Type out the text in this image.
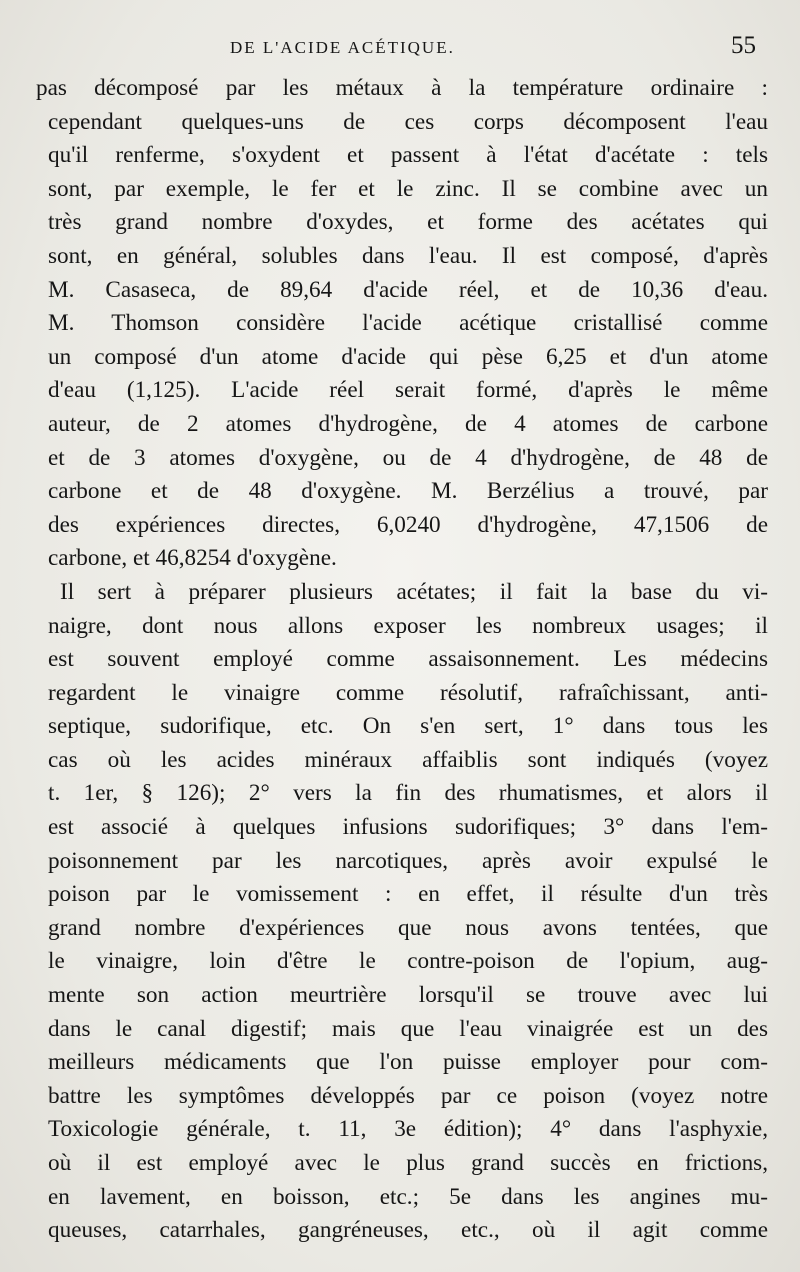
DE L'ACIDE ACÉTIQUE.	55
pas décomposé par les métaux à la température ordinaire :
cependant quelques-uns de ces corps décomposent l'eau
qu'il renferme, s'oxydent et passent à l'état d'acétate : tels
sont, par exemple, le fer et le zinc. Il se combine avec un
très grand nombre d'oxydes, et forme des acétates qui
sont, en général, solubles dans l'eau. Il est composé, d'après
M. Casaseca, de 89,64 d'acide réel, et de 10,36 d'eau.
M. Thomson considère l'acide acétique cristallisé comme
un composé d'un atome d'acide qui pèse 6,25 et d'un atome
d'eau (1,125). L'acide réel serait formé, d'après le même
auteur, de 2 atomes d'hydrogène, de 4 atomes de carbone
et de 3 atomes d'oxygène, ou de 4 d'hydrogène, de 48 de
carbone et de 48 d'oxygène. M. Berzélius a trouvé, par
des expériences directes, 6,0240 d'hydrogène, 47,1506 de
carbone, et 46,8254 d'oxygène.
Il sert à préparer plusieurs acétates; il fait la base du vi-
naigre, dont nous allons exposer les nombreux usages; il
est souvent employé comme assaisonnement. Les médecins
regardent le vinaigre comme résolutif, rafraîchissant, anti-
septique, sudorifique, etc. On s'en sert, 1° dans tous les
cas où les acides minéraux affaiblis sont indiqués (voyez
t. 1er, § 126); 2° vers la fin des rhumatismes, et alors il
est associé à quelques infusions sudorifiques; 3° dans l'em-
poisonnement par les narcotiques, après avoir expulsé le
poison par le vomissement : en effet, il résulte d'un très
grand nombre d'expériences que nous avons tentées, que
le vinaigre, loin d'être le contre-poison de l'opium, aug-
mente son action meurtrière lorsqu'il se trouve avec lui
dans le canal digestif; mais que l'eau vinaigrée est un des
meilleurs médicaments que l'on puisse employer pour com-
battre les symptômes développés par ce poison (voyez notre
Toxicologie générale, t. 11, 3e édition); 4° dans l'asphyxie,
où il est employé avec le plus grand succès en frictions,
en lavement, en boisson, etc.; 5e dans les angines mu-
queuses, catarrhales, gangréneuses, etc., où il agit comme
